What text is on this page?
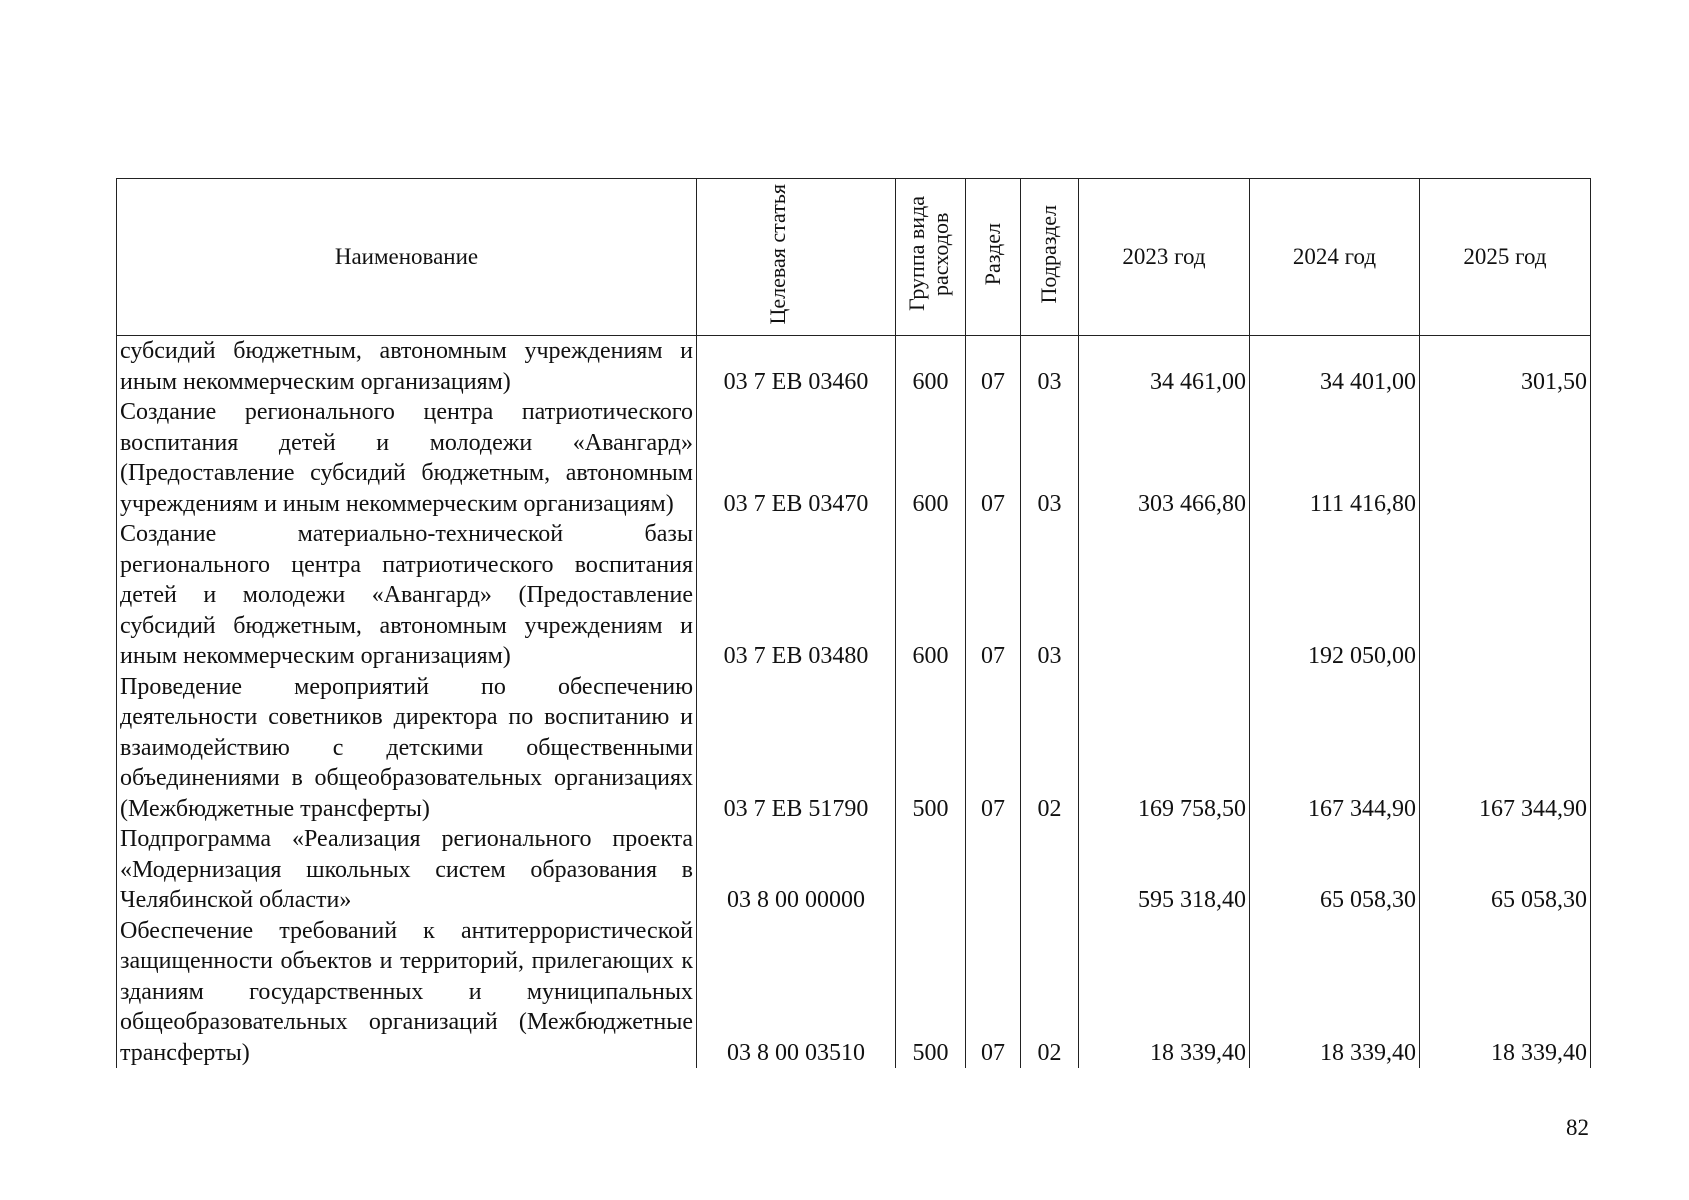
Наименование	Целевая статья	Группа вида расходов	Раздел	Подраздел	2023 год	2024 год	2025 год
субсидий бюджетным, автономным учреждениям и иным некоммерческим организациям)	03 7 ЕВ 03460	600	07	03	34 461,00	34 401,00	301,50
Создание регионального центра патриотического воспитания детей и молодежи «Авангард» (Предоставление субсидий бюджетным, автономным учреждениям и иным некоммерческим организациям)	03 7 ЕВ 03470	600	07	03	303 466,80	111 416,80	
Создание материально-технической базы регионального центра патриотического воспитания детей и молодежи «Авангард» (Предоставление субсидий бюджетным, автономным учреждениям и иным некоммерческим организациям)	03 7 ЕВ 03480	600	07	03		192 050,00	
Проведение мероприятий по обеспечению деятельности советников директора по воспитанию и взаимодействию с детскими общественными объединениями в общеобразовательных организациях (Межбюджетные трансферты)	03 7 ЕВ 51790	500	07	02	169 758,50	167 344,90	167 344,90
Подпрограмма «Реализация регионального проекта «Модернизация школьных систем образования в Челябинской области»	03 8 00 00000				595 318,40	65 058,30	65 058,30
Обеспечение требований к антитеррористической защищенности объектов и территорий, прилегающих к зданиям государственных и муниципальных общеобразовательных организаций (Межбюджетные трансферты)	03 8 00 03510	500	07	02	18 339,40	18 339,40	18 339,40
82
